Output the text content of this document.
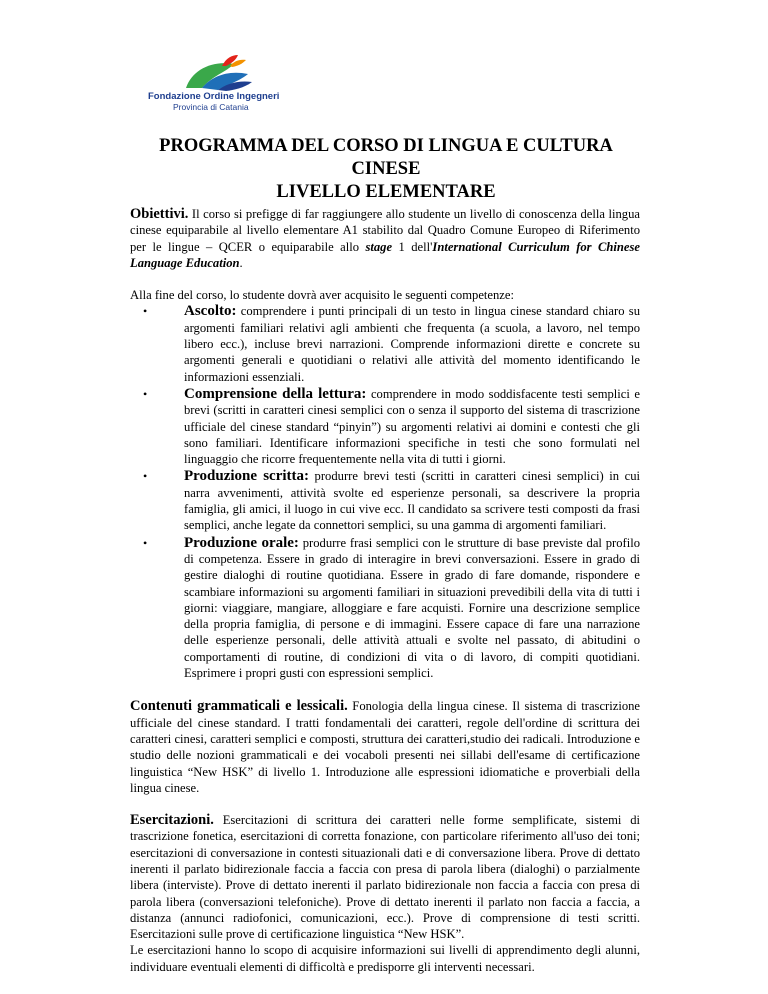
Fondazione Ordine Ingegneri
Provincia di Catania
PROGRAMMA DEL CORSO DI LINGUA E CULTURA CINESE
LIVELLO ELEMENTARE

Obiettivi. Il corso si prefigge di far raggiungere allo studente un livello di conoscenza della lingua cinese equiparabile al livello elementare A1 stabilito dal Quadro Comune Europeo di Riferimento per le lingue – QCER o equiparabile allo stage 1 dell'International Curriculum for Chinese Language Education.

Alla fine del corso, lo studente dovrà aver acquisito le seguenti competenze:

• Ascolto: comprendere i punti principali di un testo in lingua cinese standard chiaro su argomenti familiari relativi agli ambienti che frequenta (a scuola, a lavoro, nel tempo libero ecc.), incluse brevi narrazioni. Comprende informazioni dirette e concrete su argomenti generali e quotidiani o relativi alle attività del momento identificando le informazioni essenziali.
• Comprensione della lettura: comprendere in modo soddisfacente testi semplici e brevi (scritti in caratteri cinesi semplici con o senza il supporto del sistema di trascrizione ufficiale del cinese standard “pinyin”) su argomenti relativi ai domini e contesti che gli sono familiari. Identificare informazioni specifiche in testi che sono formulati nel linguaggio che ricorre frequentemente nella vita di tutti i giorni.
• Produzione scritta: produrre brevi testi (scritti in caratteri cinesi semplici) in cui narra avvenimenti, attività svolte ed esperienze personali, sa descrivere la propria famiglia, gli amici, il luogo in cui vive ecc. Il candidato sa scrivere testi composti da frasi semplici, anche legate da connettori semplici, su una gamma di argomenti familiari.
• Produzione orale: produrre frasi semplici con le strutture di base previste dal profilo di competenza. Essere in grado di interagire in brevi conversazioni. Essere in grado di gestire dialoghi di routine quotidiana. Essere in grado di fare domande, rispondere e scambiare informazioni su argomenti familiari in situazioni prevedibili della vita di tutti i giorni: viaggiare, mangiare, alloggiare e fare acquisti. Fornire una descrizione semplice della propria famiglia, di persone e di immagini. Essere capace di fare una narrazione delle esperienze personali, delle attività attuali e svolte nel passato, di abitudini o comportamenti di routine, di condizioni di vita o di lavoro, di compiti quotidiani. Esprimere i propri gusti con espressioni semplici.

Contenuti grammaticali e lessicali. Fonologia della lingua cinese. Il sistema di trascrizione ufficiale del cinese standard. I tratti fondamentali dei caratteri, regole dell'ordine di scrittura dei caratteri cinesi, caratteri semplici e composti, struttura dei caratteri,studio dei radicali. Introduzione e studio delle nozioni grammaticali e dei vocaboli presenti nei sillabi dell'esame di certificazione linguistica “New HSK” di livello 1. Introduzione alle espressioni idiomatiche e proverbiali della lingua cinese.

Esercitazioni. Esercitazioni di scrittura dei caratteri nelle forme semplificate, sistemi di trascrizione fonetica, esercitazioni di corretta fonazione, con particolare riferimento all'uso dei toni; esercitazioni di conversazione in contesti situazionali dati e di conversazione libera. Prove di dettato inerenti il parlato bidirezionale faccia a faccia con presa di parola libera (dialoghi) o parzialmente libera (interviste). Prove di dettato inerenti il parlato bidirezionale non faccia a faccia con presa di parola libera (conversazioni telefoniche). Prove di dettato inerenti il parlato non faccia a faccia, a distanza (annunci radiofonici, comunicazioni, ecc.). Prove di comprensione di testi scritti. Esercitazioni sulle prove di certificazione linguistica “New HSK”.

Le esercitazioni hanno lo scopo di acquisire informazioni sui livelli di apprendimento degli alunni, individuare eventuali elementi di difficoltà e predisporre gli interventi necessari.
